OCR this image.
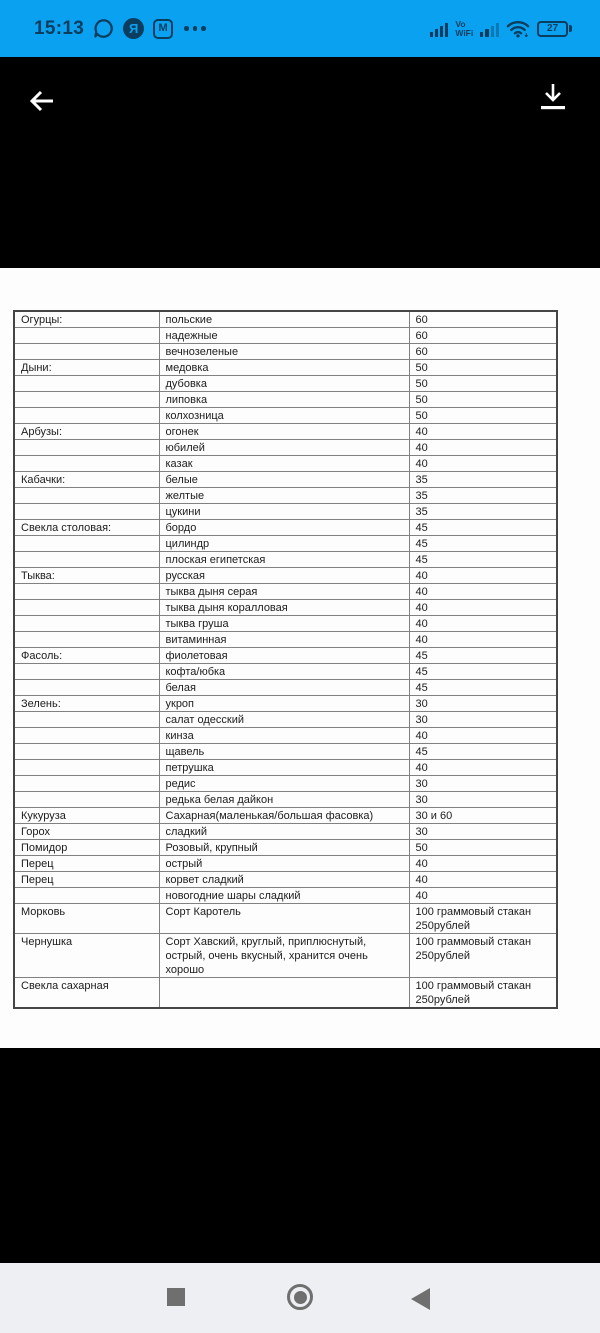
15:13	Я М	Vo
WiFi	27
Огурцы:	польские	60
	надежные	60
	вечнозеленые	60
Дыни:	медовка	50
	дубовка	50
	липовка	50
	колхозница	50
Арбузы:	огонек	40
	юбилей	40
	казак	40
Кабачки:	белые	35
	желтые	35
	цукини	35
Свекла столовая:	бордо	45
	цилиндр	45
	плоская египетская	45
Тыква:	русская	40
	тыква дыня серая	40
	тыква дыня коралловая	40
	тыква груша	40
	витаминная	40
Фасоль:	фиолетовая	45
	кофта/юбка	45
	белая	45
Зелень:	укроп	30
	салат одесский	30
	кинза	40
	щавель	45
	петрушка	40
	редис	30
	редька белая дайкон	30
Кукуруза	Сахарная(маленькая/большая фасовка)	30 и 60
Горох	сладкий	30
Помидор	Розовый, крупный	50
Перец	острый	40
Перец	корвет сладкий	40
	новогодние шары сладкий	40
Морковь	Сорт Каротель	100 граммовый стакан 250рублей
Чернушка	Сорт Хавский, круглый, приплюснутый, острый, очень вкусный, хранится очень хорошо	100 граммовый стакан 250рублей
Свекла сахарная		100 граммовый стакан 250рублей
